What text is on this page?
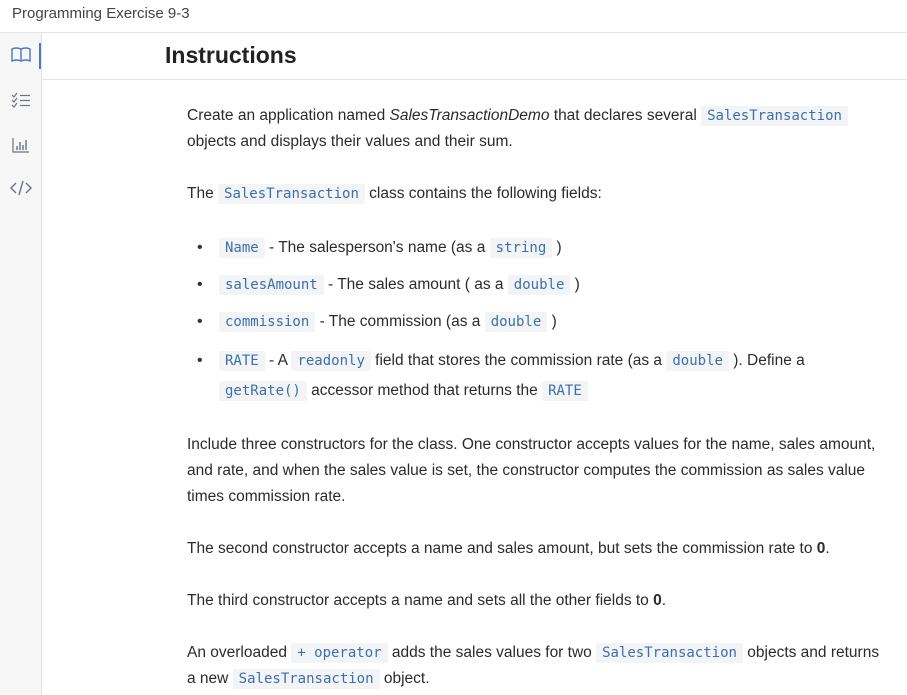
Programming Exercise 9-3
Instructions

Create an application named SalesTransactionDemo that declares several SalesTransaction objects and displays their values and their sum.

The SalesTransaction class contains the following fields:

• Name - The salesperson's name (as a string )
• salesAmount - The sales amount ( as a double )
• commission - The commission (as a double )
• RATE - A readonly field that stores the commission rate (as a double ). Define a getRate() accessor method that returns the RATE

Include three constructors for the class. One constructor accepts values for the name, sales amount, and rate, and when the sales value is set, the constructor computes the commission as sales value times commission rate.

The second constructor accepts a name and sales amount, but sets the commission rate to 0.

The third constructor accepts a name and sets all the other fields to 0.

An overloaded + operator adds the sales values for two SalesTransaction objects and returns a new SalesTransaction object.
